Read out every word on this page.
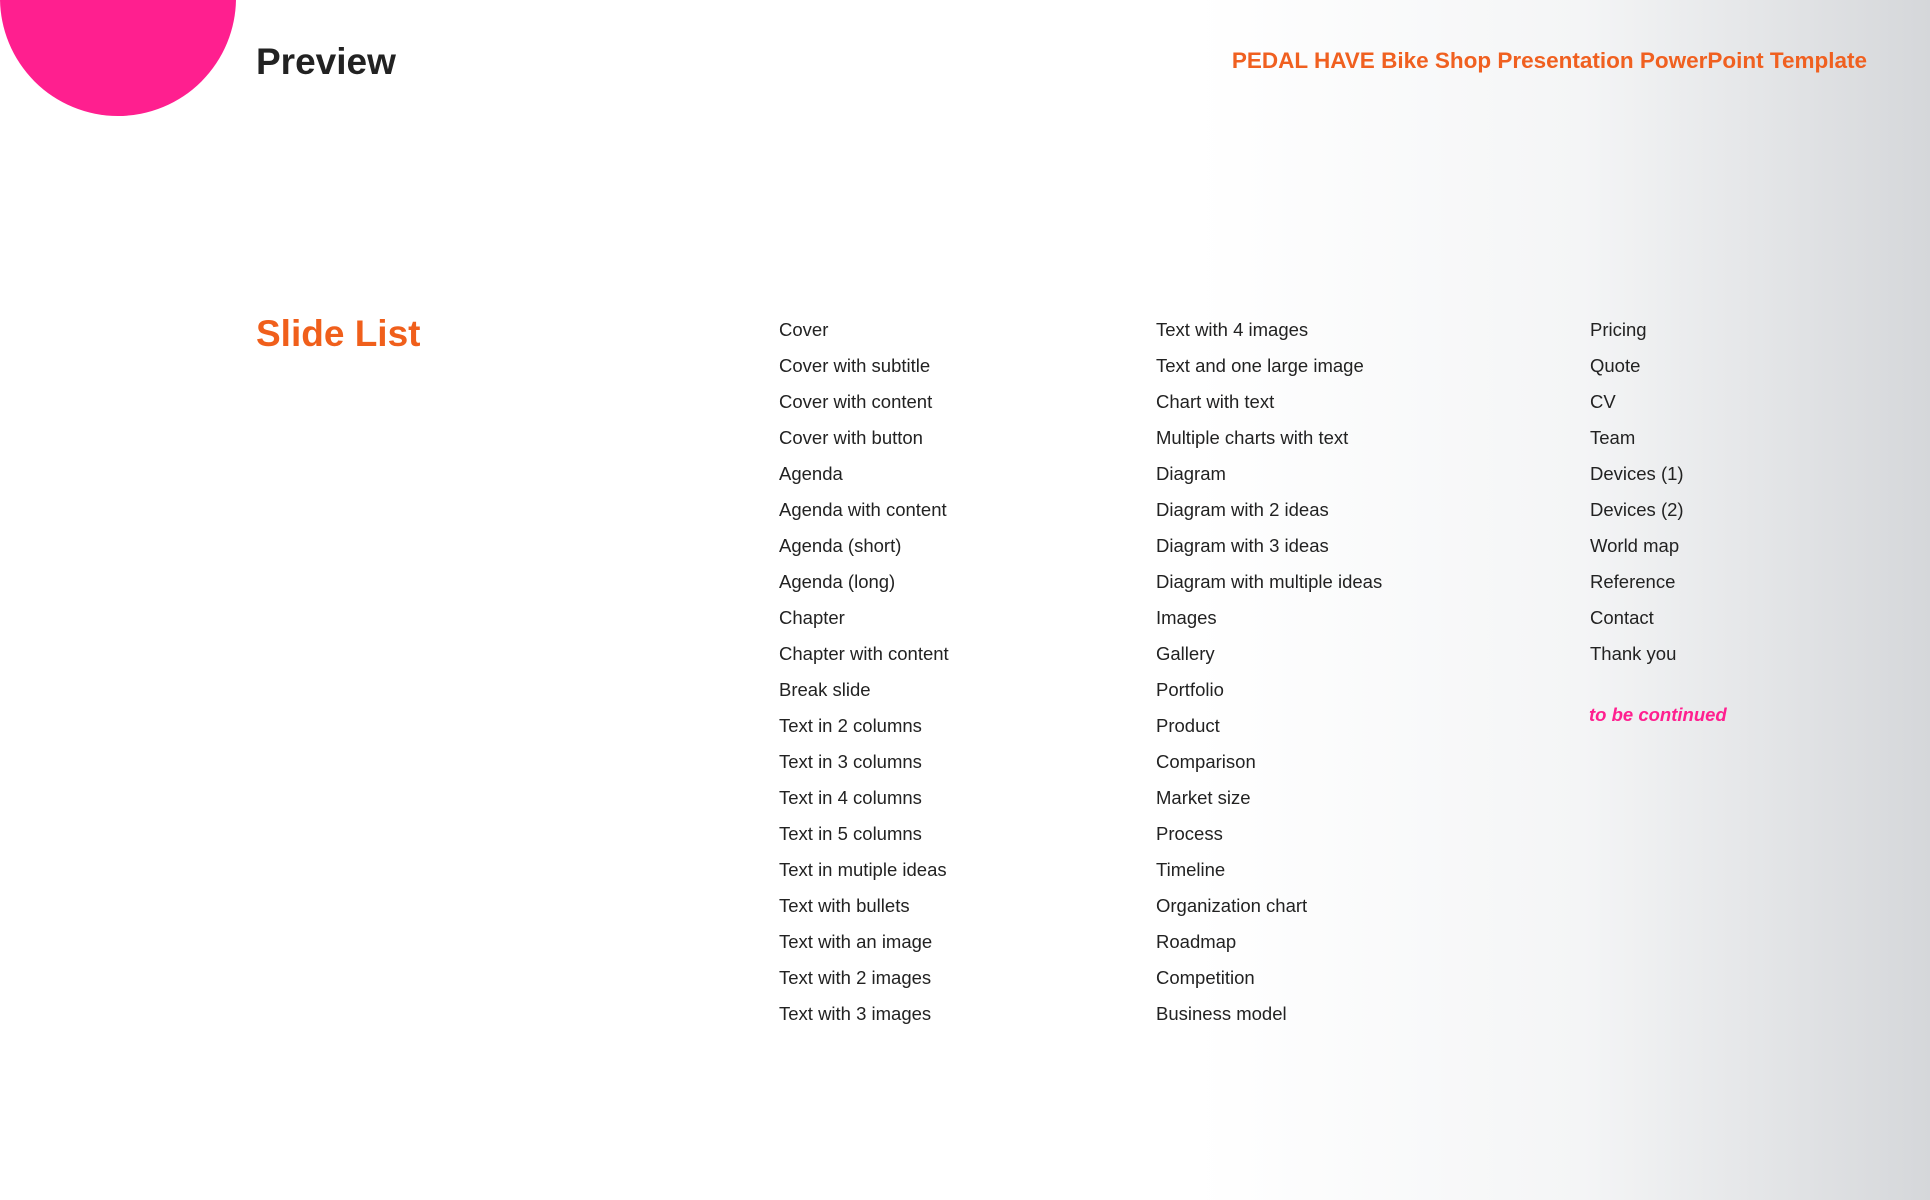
Preview	PEDAL HAVE Bike Shop Presentation PowerPoint Template
Slide List	Cover
Cover with subtitle
Cover with content
Cover with button
Agenda
Agenda with content
Agenda (short)
Agenda (long)
Chapter
Chapter with content
Break slide
Text in 2 columns
Text in 3 columns
Text in 4 columns
Text in 5 columns
Text in mutiple ideas
Text with bullets
Text with an image
Text with 2 images
Text with 3 images
Text with 4 images
Text and one large image
Chart with text
Multiple charts with text
Diagram
Diagram with 2 ideas
Diagram with 3 ideas
Diagram with multiple ideas
Images
Gallery
Portfolio
Product
Comparison
Market size
Process
Timeline
Organization chart
Roadmap
Competition
Business model
Pricing
Quote
CV
Team
Devices (1)
Devices (2)
World map
Reference
Contact
Thank you
to be continued
